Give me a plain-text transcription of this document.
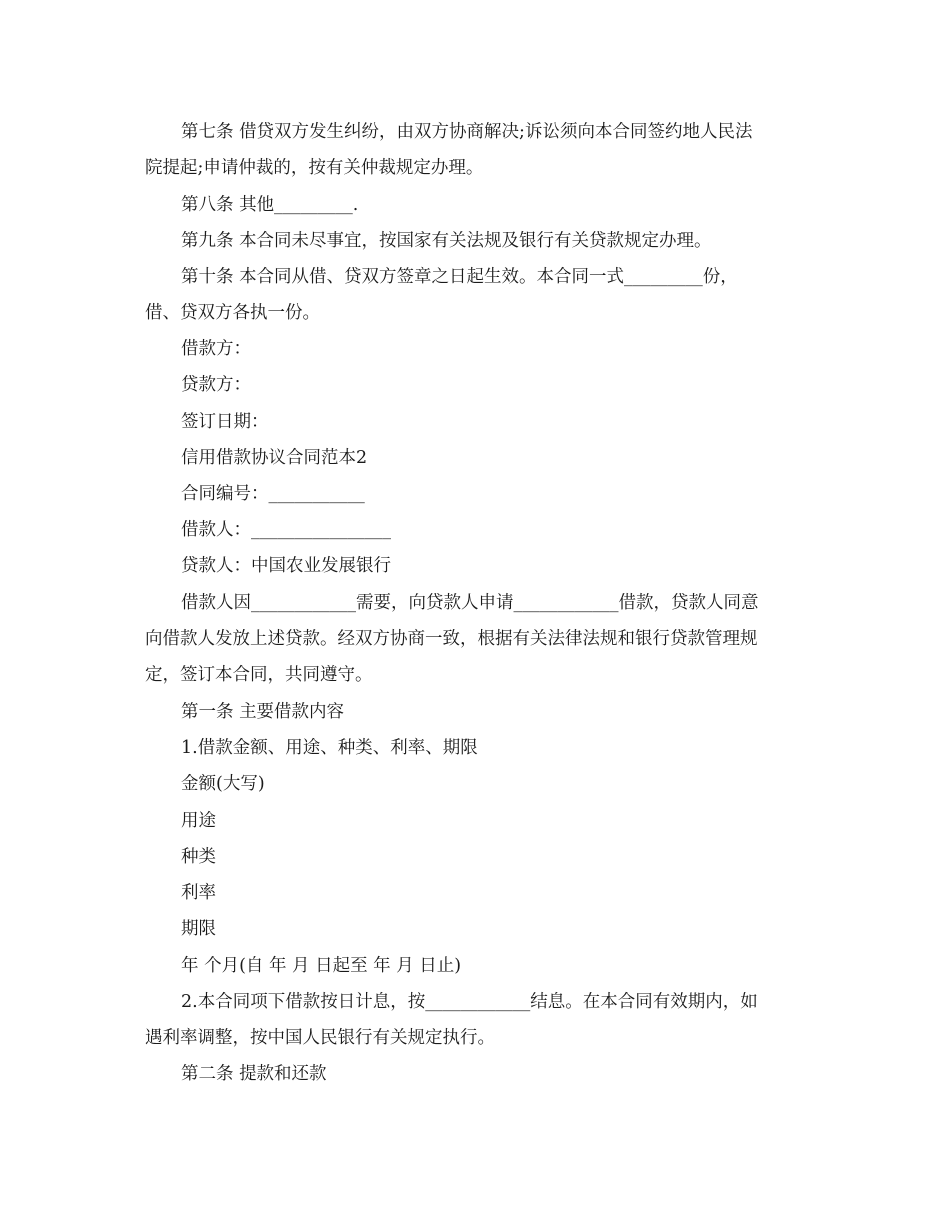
第七条 借贷双方发生纠纷，由双方协商解决;诉讼须向本合同签约地人民法
院提起;申请仲裁的，按有关仲裁规定办理。
第八条 其他_________.
第九条 本合同未尽事宜，按国家有关法规及银行有关贷款规定办理。
第十条 本合同从借、贷双方签章之日起生效。本合同一式_________份，
借、贷双方各执一份。
借款方：
贷款方：
签订日期：
信用借款协议合同范本2
合同编号：___________
借款人：________________
贷款人：中国农业发展银行
借款人因____________需要，向贷款人申请____________借款，贷款人同意
向借款人发放上述贷款。经双方协商一致，根据有关法律法规和银行贷款管理规
定，签订本合同，共同遵守。
第一条 主要借款内容
1.借款金额、用途、种类、利率、期限
金额(大写)
用途
种类
利率
期限
年 个月(自 年 月 日起至 年 月 日止)
2.本合同项下借款按日计息，按____________结息。在本合同有效期内，如
遇利率调整，按中国人民银行有关规定执行。
第二条 提款和还款
